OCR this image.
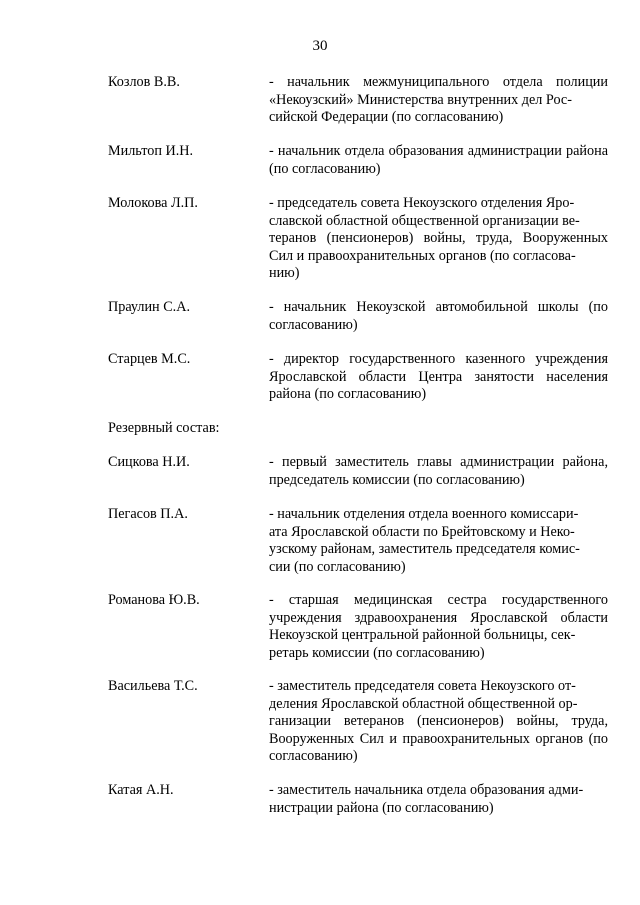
30
Козлов В.В.	- начальник межмуниципального отдела полиции «Некоузский» Министерства внутренних дел Рос-
сийской Федерации (по согласованию)
Мильтоп И.Н.	- начальник отдела образования администрации района (по согласованию)
Молокова Л.П.	- председатель совета Некоузского отделения Яро-
славской областной общественной организации ве-
теранов (пенсионеров) войны, труда, Вооруженных Сил и правоохранительных органов (по согласова-
нию)
Праулин С.А.	- начальник Некоузской автомобильной школы (по согласованию)
Старцев М.С.	- директор государственного казенного учреждения Ярославской области Центра занятости населения района (по согласованию)
Резервный состав:
Сицкова Н.И.	- первый заместитель главы администрации района, председатель комиссии (по согласованию)
Пегасов П.А.	- начальник отделения отдела военного комиссари-
ата Ярославской области по Брейтовскому и Неко-
узскому районам, заместитель председателя комис-
сии (по согласованию)
Романова Ю.В.	- старшая медицинская сестра государственного учреждения здравоохранения Ярославской области Некоузской центральной районной больницы, сек-
ретарь комиссии (по согласованию)
Васильева Т.С.	- заместитель председателя совета Некоузского от-
деления Ярославской областной общественной ор-
ганизации ветеранов (пенсионеров) войны, труда, Вооруженных Сил и правоохранительных органов (по согласованию)
Катая А.Н.	- заместитель начальника отдела образования адми-
нистрации района (по согласованию)
